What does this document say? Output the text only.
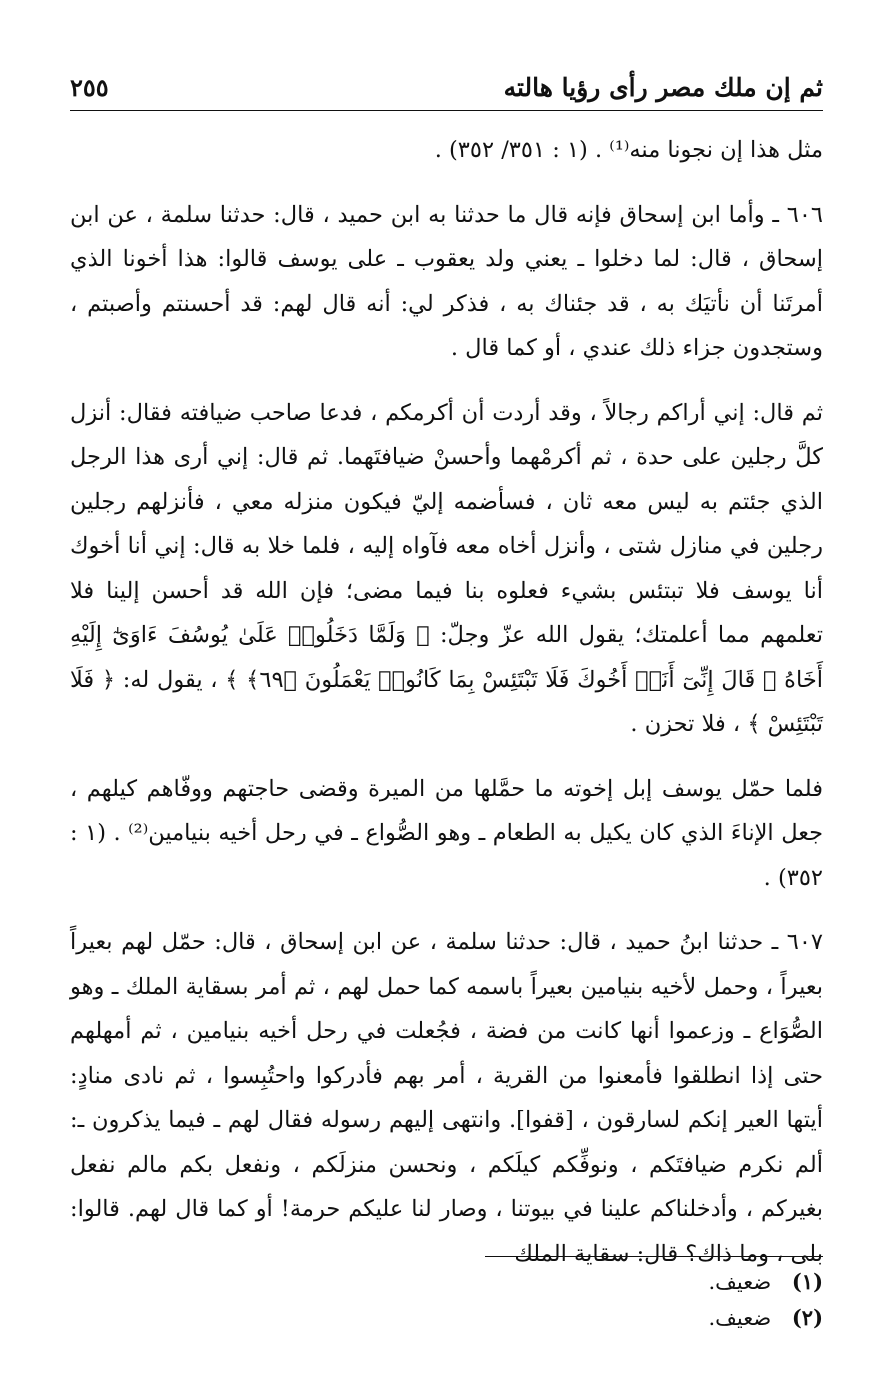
ثم إن ملك مصر رأى رؤيا هالته
٢٥٥

مثل هذا إن نجونا منه⁽¹⁾ . (١ : ٣٥١/ ٣٥٢) .

٦٠٦ ـ وأما ابن إسحاق فإنه قال ما حدثنا به ابن حميد ، قال: حدثنا سلمة ، عن ابن إسحاق ، قال: لما دخلوا ـ يعني ولد يعقوب ـ على يوسف قالوا: هذا أخونا الذي أمرتَنا أن نأتيَك به ، قد جئناك به ، فذكر لي: أنه قال لهم: قد أحسنتم وأصبتم ، وستجدون جزاء ذلك عندي ، أو كما قال .

ثم قال: إني أراكم رجالاً ، وقد أردت أن أكرمكم ، فدعا صاحب ضيافته فقال: أنزل كلَّ رجلين على حدة ، ثم أكرمْهما وأحسنْ ضيافتَهما. ثم قال: إني أرى هذا الرجل الذي جئتم به ليس معه ثان ، فسأضمه إليّ فيكون منزله معي ، فأنزلهم رجلين رجلين في منازل شتى ، وأنزل أخاه معه فآواه إليه ، فلما خلا به قال: إني أنا أخوك أنا يوسف فلا تبتئس بشيء فعلوه بنا فيما مضى؛ فإن الله قد أحسن إلينا فلا تعلمهم مما أعلمتك؛ يقول الله عزّ وجلّ: ﴿ وَلَمَّا دَخَلُوا۟ عَلَىٰ يُوسُفَ ءَاوَىٰٓ إِلَيْهِ أَخَاهُ ۖ قَالَ إِنِّىٓ أَنَا۠ أَخُوكَ فَلَا تَبْتَئِسْ بِمَا كَانُوا۟ يَعْمَلُونَ ﴿٦٩﴾ ﴾ ، يقول له: ﴿ فَلَا تَبْتَئِسْ ﴾ ، فلا تحزن .

فلما حمّل يوسف إبل إخوته ما حمَّلها من الميرة وقضى حاجتهم ووفّاهم كيلهم ، جعل الإناءَ الذي كان يكيل به الطعام ـ وهو الصُّواع ـ في رحل أخيه بنيامين⁽²⁾ . (١ : ٣٥٢) .

٦٠٧ ـ حدثنا ابنُ حميد ، قال: حدثنا سلمة ، عن ابن إسحاق ، قال: حمّل لهم بعيراً بعيراً ، وحمل لأخيه بنيامين بعيراً باسمه كما حمل لهم ، ثم أمر بسقاية الملك ـ وهو الصُّوَاع ـ وزعموا أنها كانت من فضة ، فجُعلت في رحل أخيه بنيامين ، ثم أمهلهم حتى إذا انطلقوا فأمعنوا من القرية ، أمر بهم فأدركوا واحتُبِسوا ، ثم نادى منادٍ: أيتها العير إنكم لسارقون ، [قفوا]. وانتهى إليهم رسوله فقال لهم ـ فيما يذكرون ـ: ألم نكرم ضيافتَكم ، ونوفِّكم كيلَكم ، ونحسن منزلَكم ، ونفعل بكم مالم نفعل بغيركم ، وأدخلناكم علينا في بيوتنا ، وصار لنا عليكم حرمة! أو كما قال لهم. قالوا: بلى ، وما ذاك؟ قال: سقاية الملك

(١) ضعيف.

(٢) ضعيف.
